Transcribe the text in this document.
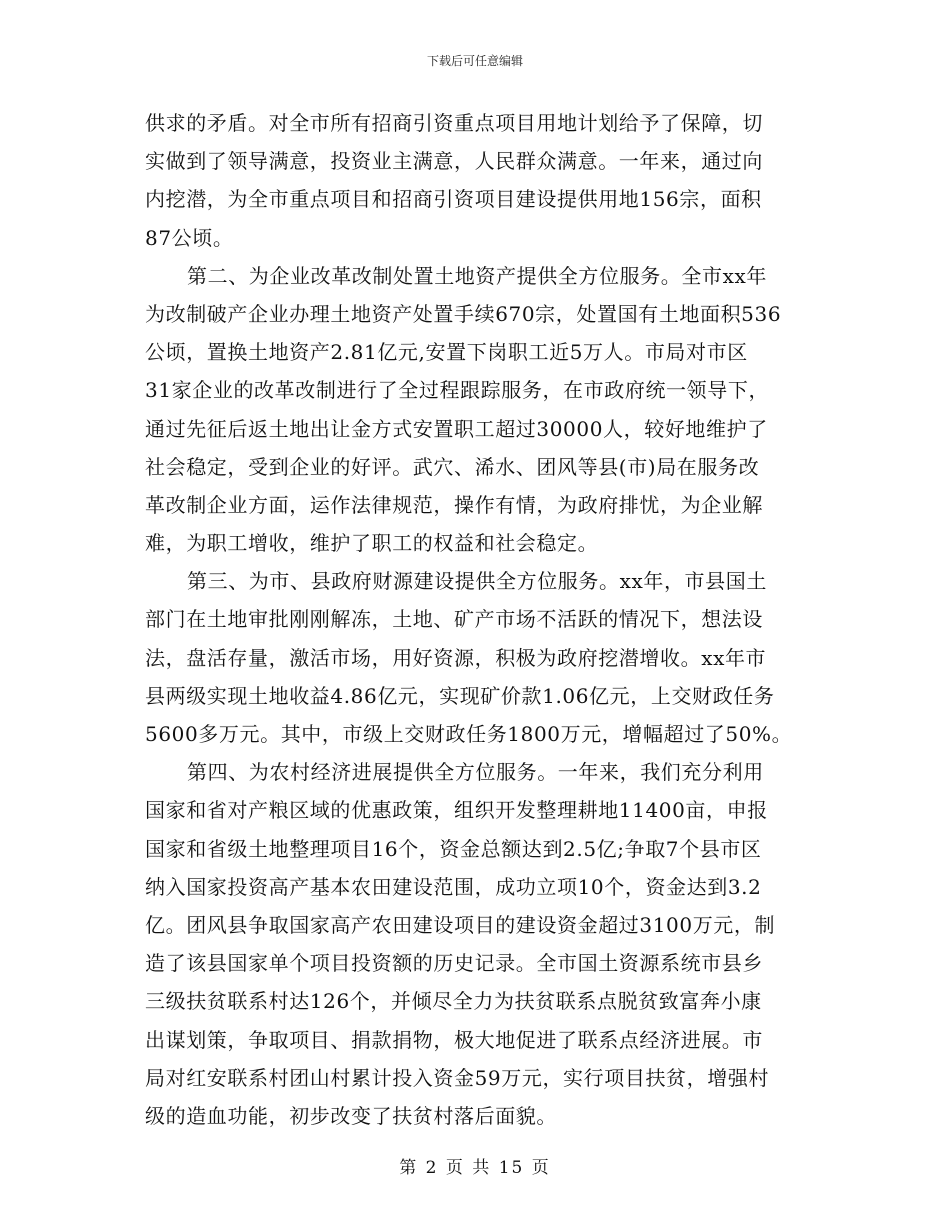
下载后可任意编辑
供求的矛盾。对全市所有招商引资重点项目用地计划给予了保障，切
实做到了领导满意，投资业主满意，人民群众满意。一年来，通过向
内挖潜，为全市重点项目和招商引资项目建设提供用地156宗，面积
87公顷。
第二、为企业改革改制处置土地资产提供全方位服务。全市xx年
为改制破产企业办理土地资产处置手续670宗，处置国有土地面积536
公顷，置换土地资产2.81亿元,安置下岗职工近5万人。市局对市区
31家企业的改革改制进行了全过程跟踪服务，在市政府统一领导下，
通过先征后返土地出让金方式安置职工超过30000人，较好地维护了
社会稳定，受到企业的好评。武穴、浠水、团风等县(市)局在服务改
革改制企业方面，运作法律规范，操作有情，为政府排忧，为企业解
难，为职工增收，维护了职工的权益和社会稳定。
第三、为市、县政府财源建设提供全方位服务。xx年，市县国土
部门在土地审批刚刚解冻，土地、矿产市场不活跃的情况下，想法设
法，盘活存量，激活市场，用好资源，积极为政府挖潜增收。xx年市
县两级实现土地收益4.86亿元，实现矿价款1.06亿元，上交财政任务
5600多万元。其中，市级上交财政任务1800万元，增幅超过了50%。
第四、为农村经济进展提供全方位服务。一年来，我们充分利用
国家和省对产粮区域的优惠政策，组织开发整理耕地11400亩，申报
国家和省级土地整理项目16个，资金总额达到2.5亿;争取7个县市区
纳入国家投资高产基本农田建设范围，成功立项10个，资金达到3.2
亿。团风县争取国家高产农田建设项目的建设资金超过3100万元，制
造了该县国家单个项目投资额的历史记录。全市国土资源系统市县乡
三级扶贫联系村达126个，并倾尽全力为扶贫联系点脱贫致富奔小康
出谋划策，争取项目、捐款捐物，极大地促进了联系点经济进展。市
局对红安联系村团山村累计投入资金59万元，实行项目扶贫，增强村
级的造血功能，初步改变了扶贫村落后面貌。
第 2 页 共 15 页
